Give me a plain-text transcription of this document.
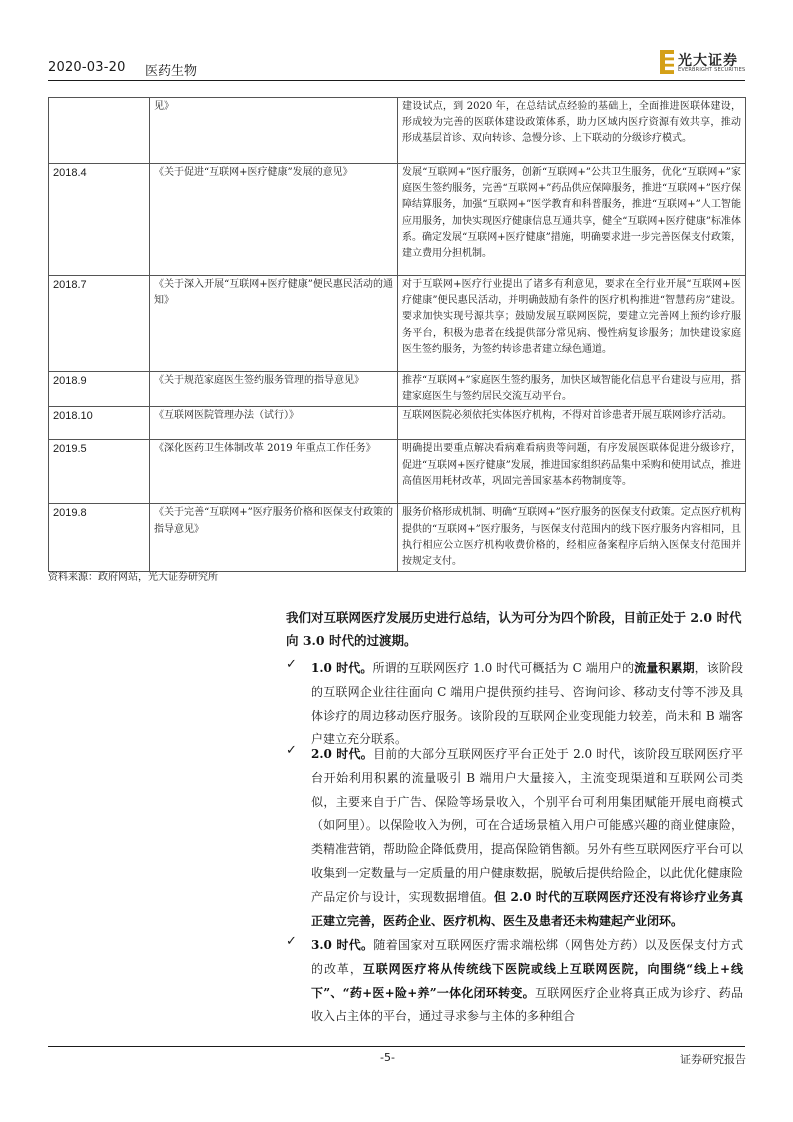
2020-03-20 医药生物
光大证券
EVERBRIGHT SECURITIES
	见》	建设试点，到 2020 年，在总结试点经验的基础上，全面推进医联体建设，形成较为完善的医联体建设政策体系，助力区域内医疗资源有效共享，推动形成基层首诊、双向转诊、急慢分诊、上下联动的分级诊疗模式。
2018.4	《关于促进“互联网+医疗健康”发展的意见》	发展“互联网+”医疗服务，创新“互联网+”公共卫生服务，优化“互联网+”家庭医生签约服务，完善“互联网+”药品供应保障服务，推进“互联网+”医疗保障结算服务，加强“互联网+”医学教育和科普服务，推进“互联网+”人工智能应用服务，加快实现医疗健康信息互通共享，健全“互联网+医疗健康”标准体系。确定发展“互联网+医疗健康”措施，明确要求进一步完善医保支付政策，建立费用分担机制。
2018.7	《关于深入开展“互联网+医疗健康”便民惠民活动的通知》	对于互联网+医疗行业提出了诸多有利意见，要求在全行业开展“互联网+医疗健康”便民惠民活动，并明确鼓励有条件的医疗机构推进“智慧药房”建设。要求加快实现号源共享；鼓励发展互联网医院，要建立完善网上预约诊疗服务平台，积极为患者在线提供部分常见病、慢性病复诊服务；加快建设家庭医生签约服务，为签约转诊患者建立绿色通道。
2018.9	《关于规范家庭医生签约服务管理的指导意见》	推荐“互联网+”家庭医生签约服务，加快区域智能化信息平台建设与应用，搭建家庭医生与签约居民交流互动平台。
2018.10	《互联网医院管理办法（试行）》	互联网医院必须依托实体医疗机构，不得对首诊患者开展互联网诊疗活动。
2019.5	《深化医药卫生体制改革 2019 年重点工作任务》	明确提出要重点解决看病难看病贵等问题，有序发展医联体促进分级诊疗，促进“互联网+医疗健康”发展，推进国家组织药品集中采购和使用试点，推进高值医用耗材改革，巩固完善国家基本药物制度等。
2019.8	《关于完善“互联网+”医疗服务价格和医保支付政策的指导意见》	服务价格形成机制、明确“互联网+”医疗服务的医保支付政策。定点医疗机构提供的“互联网+”医疗服务，与医保支付范围内的线下医疗服务内容相同，且执行相应公立医疗机构收费价格的，经相应备案程序后纳入医保支付范围并按规定支付。
资料来源：政府网站，光大证券研究所
我们对互联网医疗发展历史进行总结，认为可分为四个阶段，目前正处于 2.0 时代向 3.0 时代的过渡期。
✓ 1.0 时代。所谓的互联网医疗 1.0 时代可概括为 C 端用户的流量积累期，该阶段的互联网企业往往面向 C 端用户提供预约挂号、咨询问诊、移动支付等不涉及具体诊疗的周边移动医疗服务。该阶段的互联网企业变现能力较差，尚未和 B 端客户建立充分联系。
✓ 2.0 时代。目前的大部分互联网医疗平台正处于 2.0 时代，该阶段互联网医疗平台开始利用积累的流量吸引 B 端用户大量接入，主流变现渠道和互联网公司类似，主要来自于广告、保险等场景收入，个别平台可利用集团赋能开展电商模式（如阿里）。以保险收入为例，可在合适场景植入用户可能感兴趣的商业健康险，类精准营销，帮助险企降低费用，提高保险销售额。另外有些互联网医疗平台可以收集到一定数量与一定质量的用户健康数据，脱敏后提供给险企，以此优化健康险产品定价与设计，实现数据增值。但 2.0 时代的互联网医疗还没有将诊疗业务真正建立完善，医药企业、医疗机构、医生及患者还未构建起产业闭环。
✓ 3.0 时代。随着国家对互联网医疗需求端松绑（网售处方药）以及医保支付方式的改革，互联网医疗将从传统线下医院或线上互联网医院，向围绕“线上+线下”、“药+医+险+养”一体化闭环转变。互联网医疗企业将真正成为诊疗、药品收入占主体的平台，通过寻求参与主体的多种组合
-5-	证券研究报告
